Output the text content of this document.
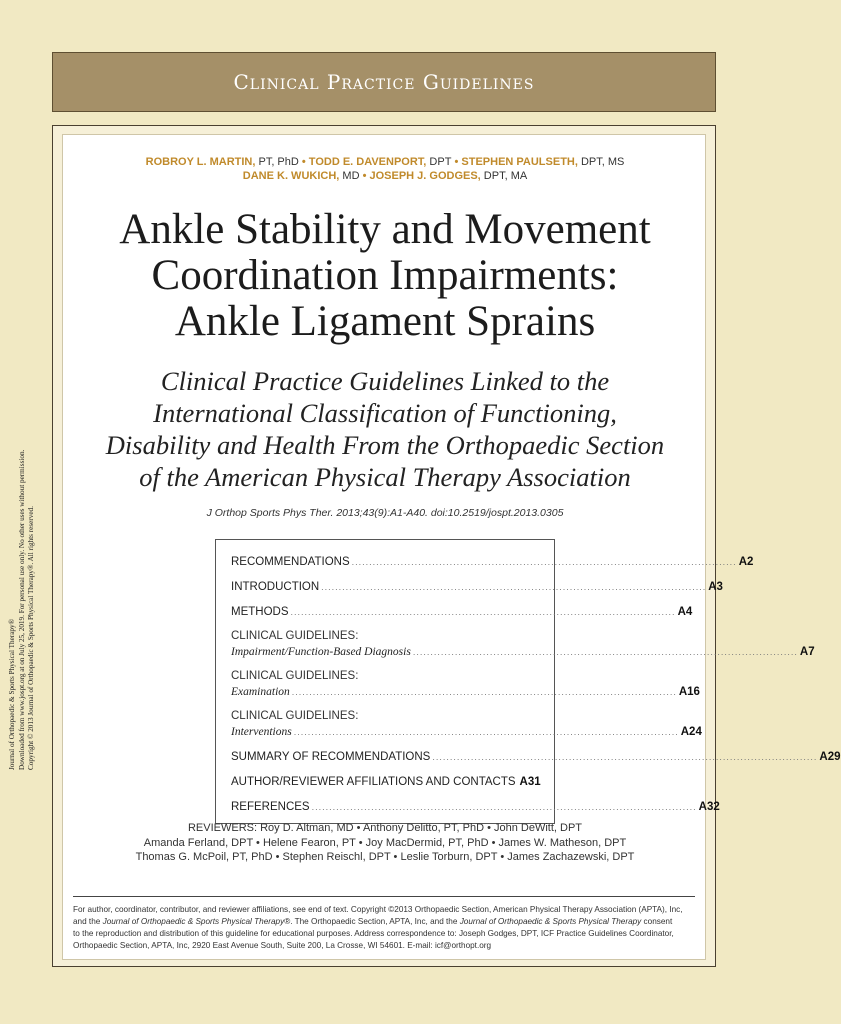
Clinical Practice Guidelines
Journal of Orthopaedic & Sports Physical Therapy® Downloaded from www.jospt.org at on July 25, 2019. For personal use only. No other uses without permission. Copyright © 2013 Journal of Orthopaedic & Sports Physical Therapy®. All rights reserved.
ROBROY L. MARTIN, PT, PhD • TODD E. DAVENPORT, DPT • STEPHEN PAULSETH, DPT, MS
DANE K. WUKICH, MD • JOSEPH J. GODGES, DPT, MA
Ankle Stability and Movement
Coordination Impairments:
Ankle Ligament Sprains
Clinical Practice Guidelines Linked to the
International Classification of Functioning,
Disability and Health From the Orthopaedic Section
of the American Physical Therapy Association
J Orthop Sports Phys Ther. 2013;43(9):A1-A40. doi:10.2519/jospt.2013.0305
RECOMMENDATIONS .............................................................................................................. A2
INTRODUCTION .............................................................................................................. A3
METHODS .............................................................................................................. A4
CLINICAL GUIDELINES:
Impairment/Function-Based Diagnosis .............................................................................................................. A7
CLINICAL GUIDELINES:
Examination .............................................................................................................. A16
CLINICAL GUIDELINES:
Interventions .............................................................................................................. A24
SUMMARY OF RECOMMENDATIONS .............................................................................................................. A29
AUTHOR/REVIEWER AFFILIATIONS AND CONTACTS A31
REFERENCES .............................................................................................................. A32
REVIEWERS: Roy D. Altman, MD • Anthony Delitto, PT, PhD • John DeWitt, DPT
Amanda Ferland, DPT • Helene Fearon, PT • Joy MacDermid, PT, PhD • James W. Matheson, DPT
Thomas G. McPoil, PT, PhD • Stephen Reischl, DPT • Leslie Torburn, DPT • James Zachazewski, DPT
For author, coordinator, contributor, and reviewer affiliations, see end of text. Copyright ©2013 Orthopaedic Section, American Physical Therapy Association (APTA), Inc,
and the Journal of Orthopaedic & Sports Physical Therapy®. The Orthopaedic Section, APTA, Inc, and the Journal of Orthopaedic & Sports Physical Therapy consent
to the reproduction and distribution of this guideline for educational purposes. Address correspondence to: Joseph Godges, DPT, ICF Practice Guidelines Coordinator,
Orthopaedic Section, APTA, Inc, 2920 East Avenue South, Suite 200, La Crosse, WI 54601. E-mail: icf@orthopt.org
